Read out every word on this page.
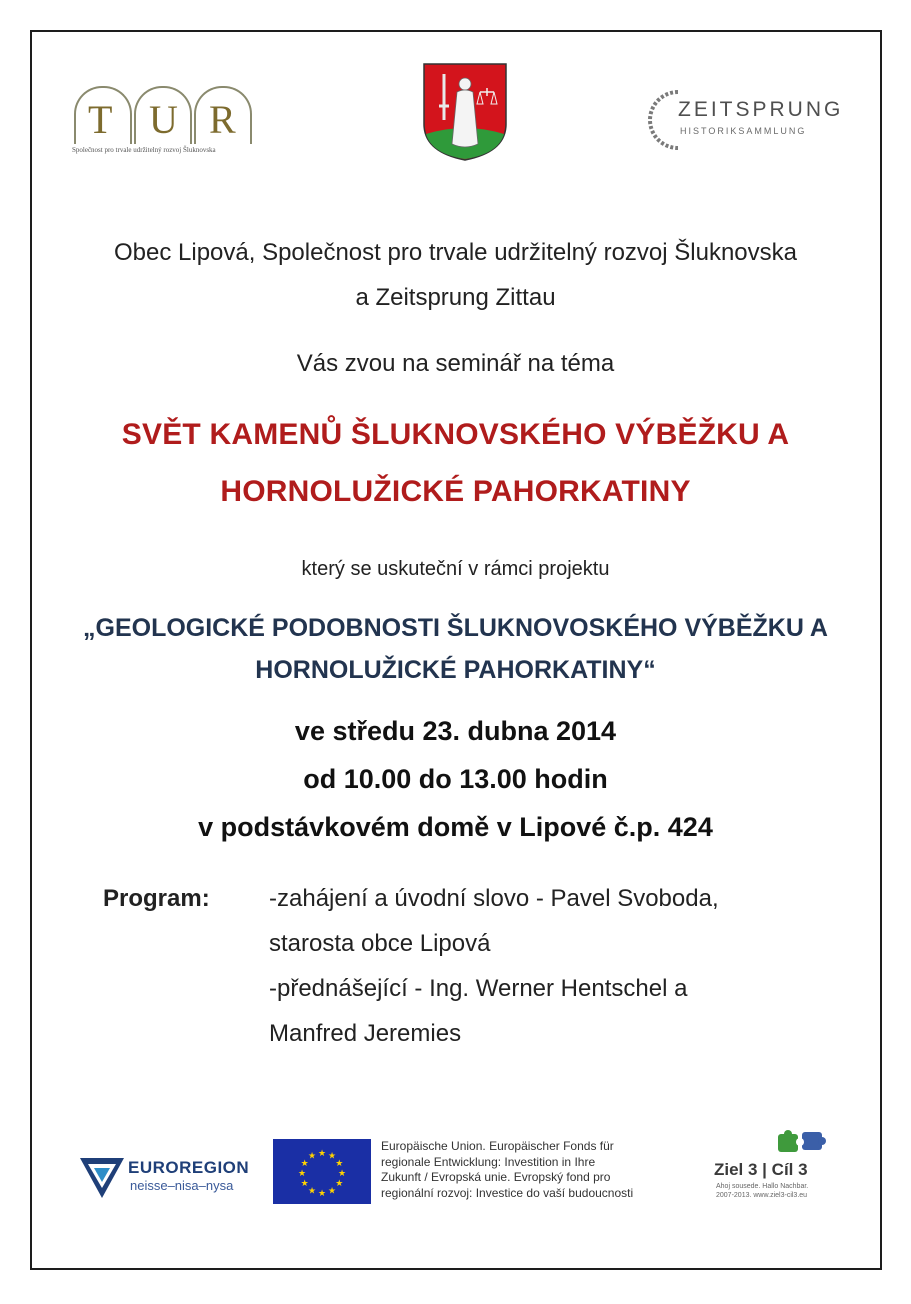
T U R
Společnost pro trvale udržitelný rozvoj Šluknovska
ZEITSPRUNG
HISTORIKSAMMLUNG
Obec Lipová, Společnost pro trvale udržitelný rozvoj Šluknovska
a Zeitsprung Zittau
Vás zvou na seminář na téma
SVĚT KAMENŮ ŠLUKNOVSKÉHO VÝBĚŽKU A
HORNOLUŽICKÉ PAHORKATINY
který se uskuteční v rámci projektu
„GEOLOGICKÉ PODOBNOSTI ŠLUKNOVOSKÉHO VÝBĚŽKU A
HORNOLUŽICKÉ PAHORKATINY“
ve středu 23. dubna 2014
od 10.00 do 13.00 hodin
v podstávkovém domě v Lipové č.p. 424
Program: -zahájení a úvodní slovo - Pavel Svoboda,
starosta obce Lipová
-přednášející - Ing. Werner Hentschel a
Manfred Jeremies
EUROREGION
neisse–nisa–nysa
★ ★
★
★
★
★
★
★
★
★
★
★
Europäische Union. Europäischer Fonds für
regionale Entwicklung: Investition in Ihre
Zukunft / Evropská unie. Evropský fond pro
regionální rozvoj: Investice do vaší budoucnosti
Ziel 3 | Cíl 3
Ahoj sousede. Hallo Nachbar.
2007-2013. www.ziel3-cil3.eu
